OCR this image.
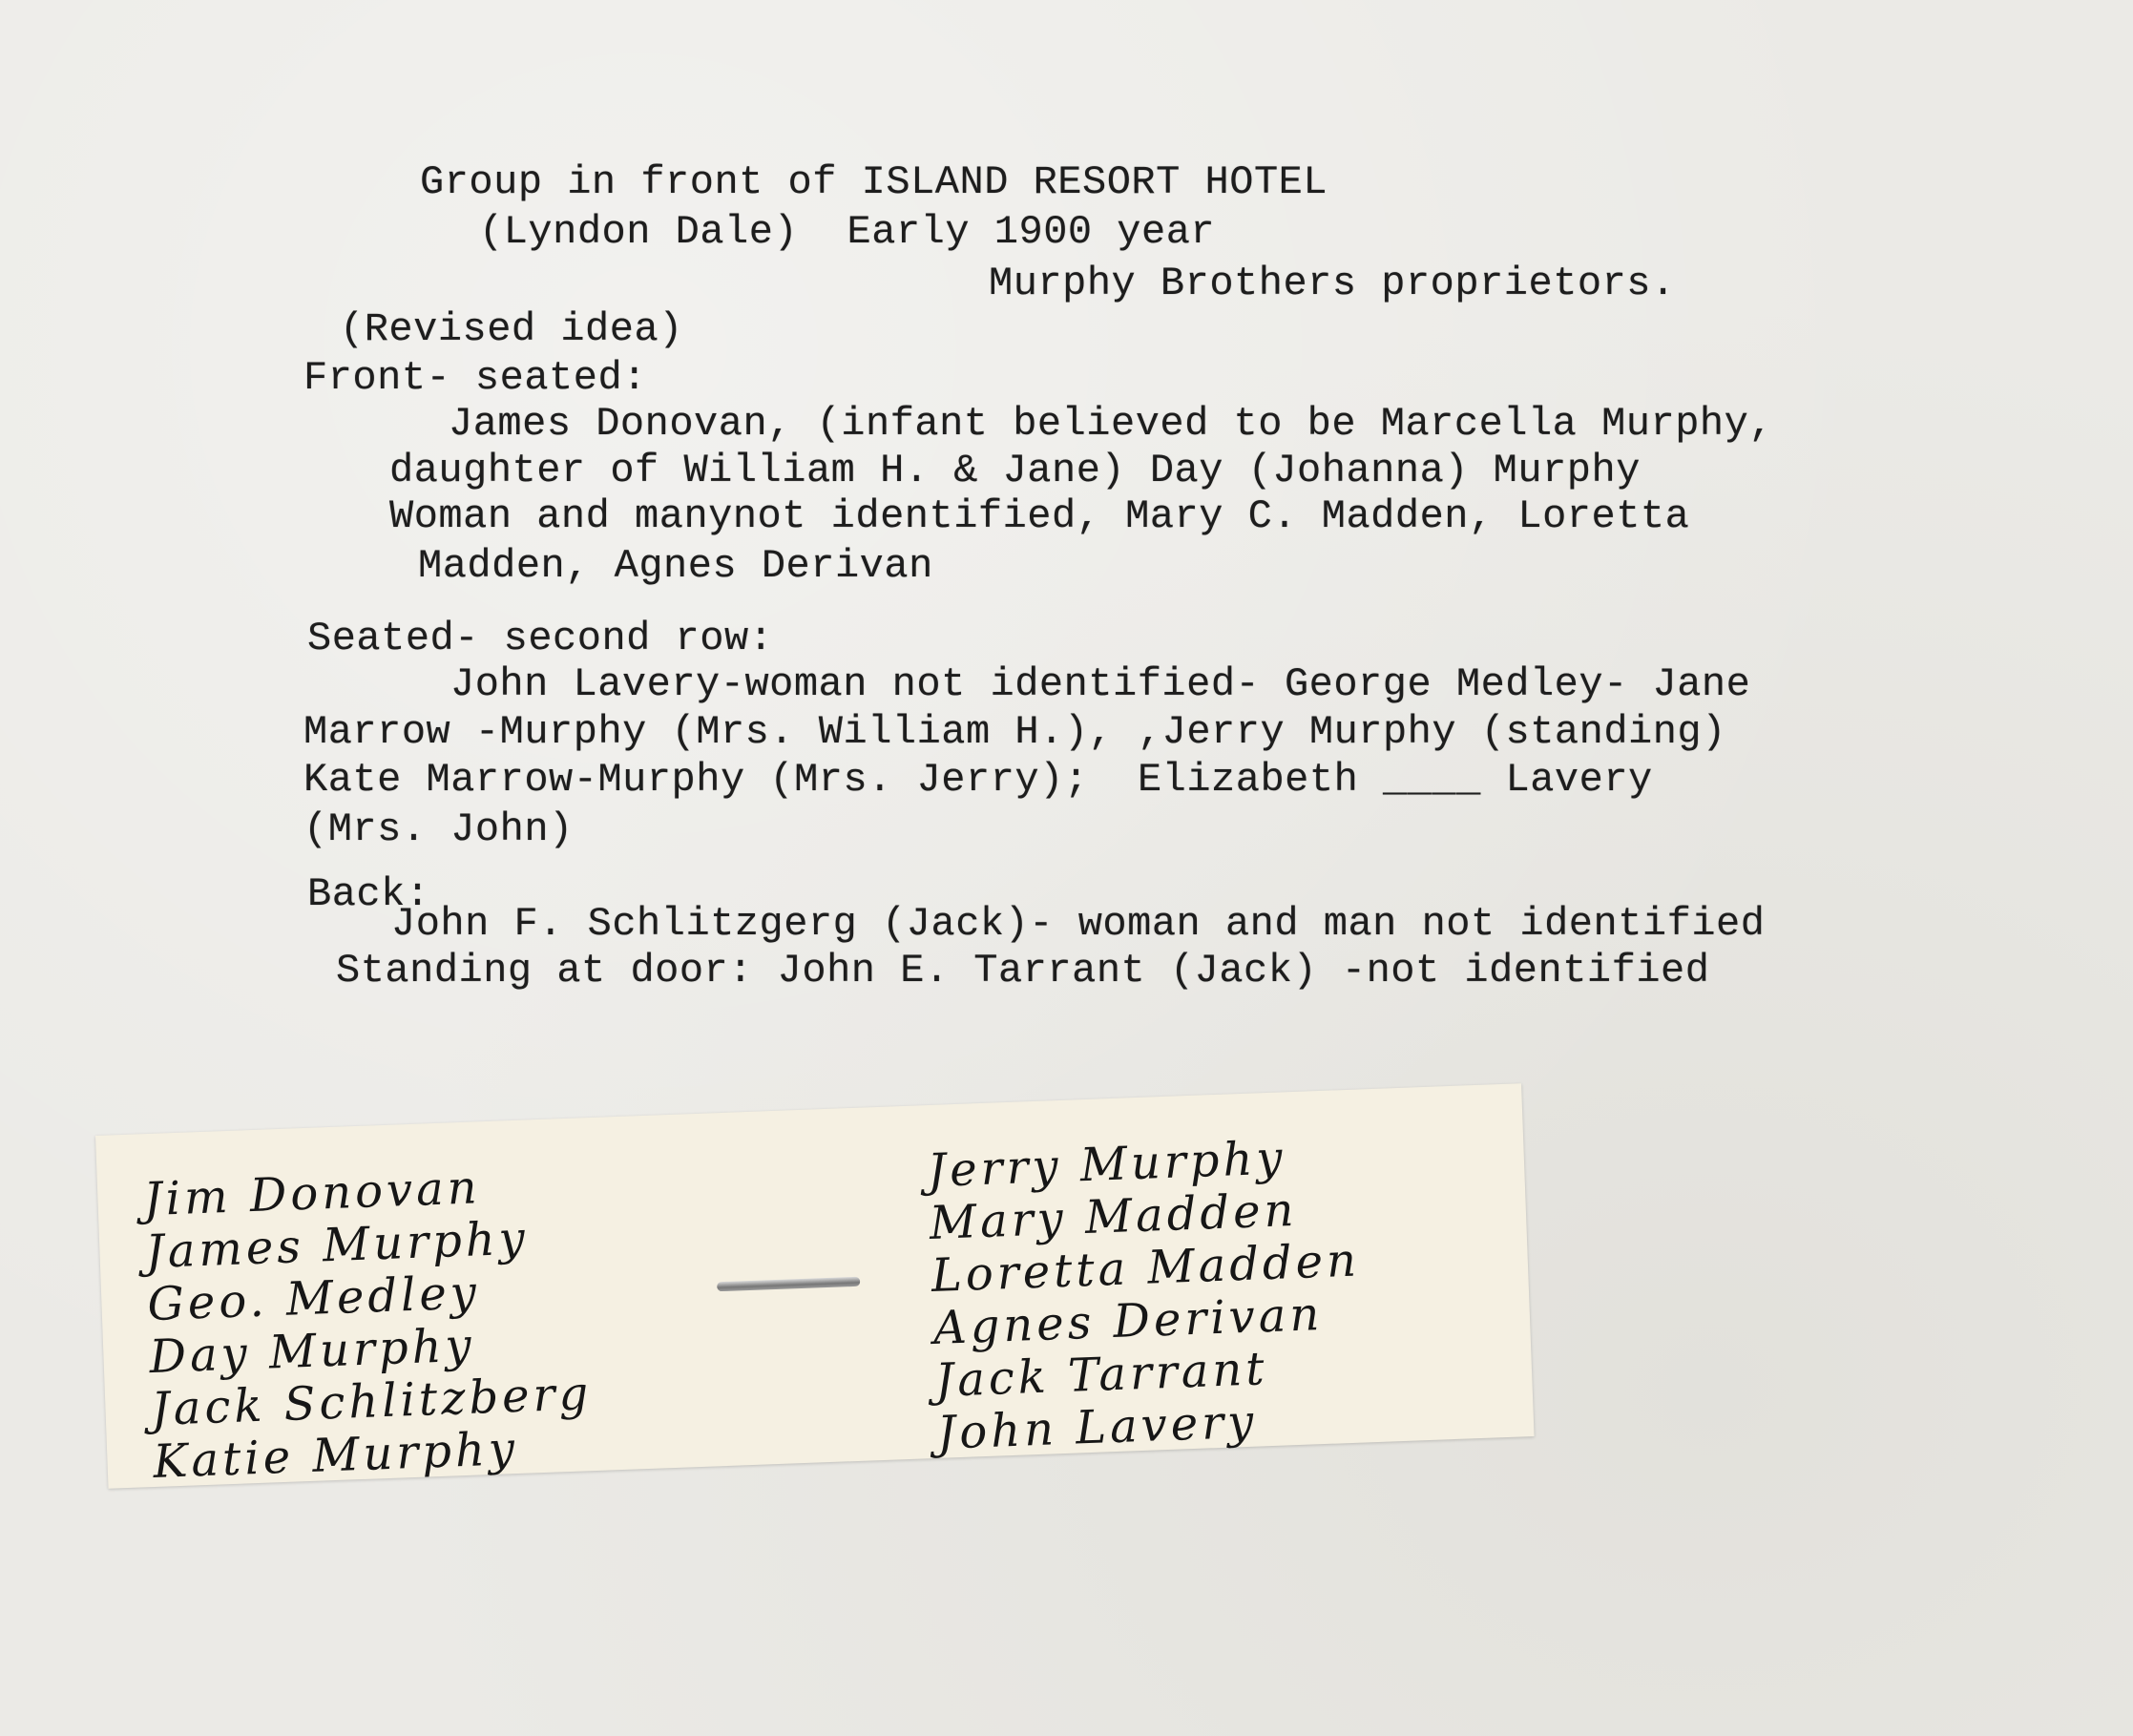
Group in front of ISLAND RESORT HOTEL

(Lyndon Dale)  Early 1900 year

Murphy Brothers proprietors.

(Revised idea)

Front- seated:

James Donovan, (infant believed to be Marcella Murphy,

daughter of William H. & Jane) Day (Johanna) Murphy

Woman and manynot identified, Mary C. Madden, Loretta

Madden, Agnes Derivan

Seated- second row:

John Lavery-woman not identified- George Medley- Jane

Marrow -Murphy (Mrs. William H.), ,Jerry Murphy (standing)

Kate Marrow-Murphy (Mrs. Jerry);  Elizabeth ____ Lavery

(Mrs. John)

Back:

John F. Schlitzgerg (Jack)- woman and man not identified

Standing at door: John E. Tarrant (Jack) -not identified

Jim Donovan

James Murphy

Geo. Medley

Day Murphy

Jack Schlitzberg

Katie Murphy

Jerry Murphy

Mary Madden

Loretta Madden

Agnes Derivan

Jack Tarrant

John Lavery
